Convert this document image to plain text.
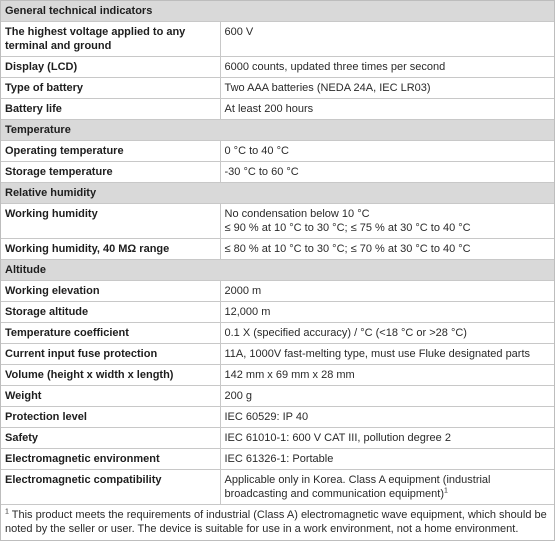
General technical indicators	
The highest voltage applied to any terminal and ground	600 V
Display (LCD)	6000 counts, updated three times per second
Type of battery	Two AAA batteries (NEDA 24A, IEC LR03)
Battery life	At least 200 hours
Temperature	
Operating temperature	0 °C to 40 °C
Storage temperature	-30 °C to 60 °C
Relative humidity	
Working humidity	No condensation below 10 °C
≤ 90 % at 10 °C to 30 °C; ≤ 75 % at 30 °C to 40 °C

Working humidity, 40 MΩ range	≤ 80 % at 10 °C to 30 °C; ≤ 70 % at 30 °C to 40 °C
Altitude	
Working elevation	2000 m
Storage altitude	12,000 m
Temperature coefficient	0.1 X (specified accuracy) / °C (<18 °C or >28 °C)
Current input fuse protection	11A, 1000V fast-melting type, must use Fluke designated parts
Volume (height x width x length)	142 mm x 69 mm x 28 mm
Weight	200 g
Protection level	IEC 60529: IP 40
Safety	IEC 61010-1: 600 V CAT III, pollution degree 2
Electromagnetic environment	IEC 61326-1: Portable
Electromagnetic compatibility	Applicable only in Korea. Class A equipment (industrial broadcasting and communication equipment)$^1$
$^1$ This product meets the requirements of industrial (Class A) electromagnetic wave equipment, which should be noted by the seller or user. The device is suitable for use in a work environment, not a home environment.
